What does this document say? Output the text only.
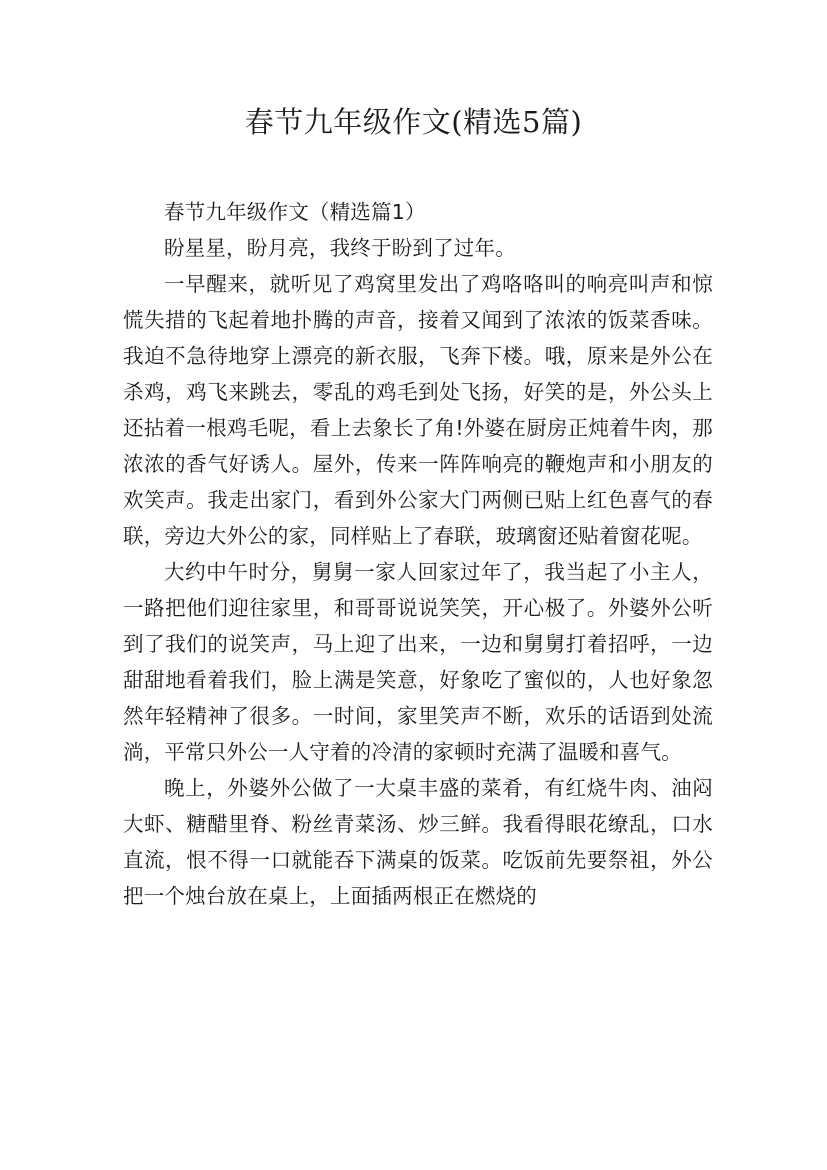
春节九年级作文(精选5篇)

春节九年级作文（精选篇1）

盼星星，盼月亮，我终于盼到了过年。

一早醒来，就听见了鸡窝里发出了鸡咯咯叫的响亮叫声和惊慌失措的飞起着地扑腾的声音，接着又闻到了浓浓的饭菜香味。我迫不急待地穿上漂亮的新衣服，飞奔下楼。哦，原来是外公在杀鸡，鸡飞来跳去，零乱的鸡毛到处飞扬，好笑的是，外公头上还拈着一根鸡毛呢，看上去象长了角!外婆在厨房正炖着牛肉，那浓浓的香气好诱人。屋外，传来一阵阵响亮的鞭炮声和小朋友的欢笑声。我走出家门，看到外公家大门两侧已贴上红色喜气的春联，旁边大外公的家，同样贴上了春联，玻璃窗还贴着窗花呢。

大约中午时分，舅舅一家人回家过年了，我当起了小主人，一路把他们迎往家里，和哥哥说说笑笑，开心极了。外婆外公听到了我们的说笑声，马上迎了出来，一边和舅舅打着招呼，一边甜甜地看着我们，脸上满是笑意，好象吃了蜜似的，人也好象忽然年轻精神了很多。一时间，家里笑声不断，欢乐的话语到处流淌，平常只外公一人守着的冷清的家顿时充满了温暖和喜气。

晚上，外婆外公做了一大桌丰盛的菜肴，有红烧牛肉、油闷大虾、糖醋里脊、粉丝青菜汤、炒三鲜。我看得眼花缭乱，口水直流，恨不得一口就能吞下满桌的饭菜。吃饭前先要祭祖，外公把一个烛台放在桌上，上面插两根正在燃烧的
